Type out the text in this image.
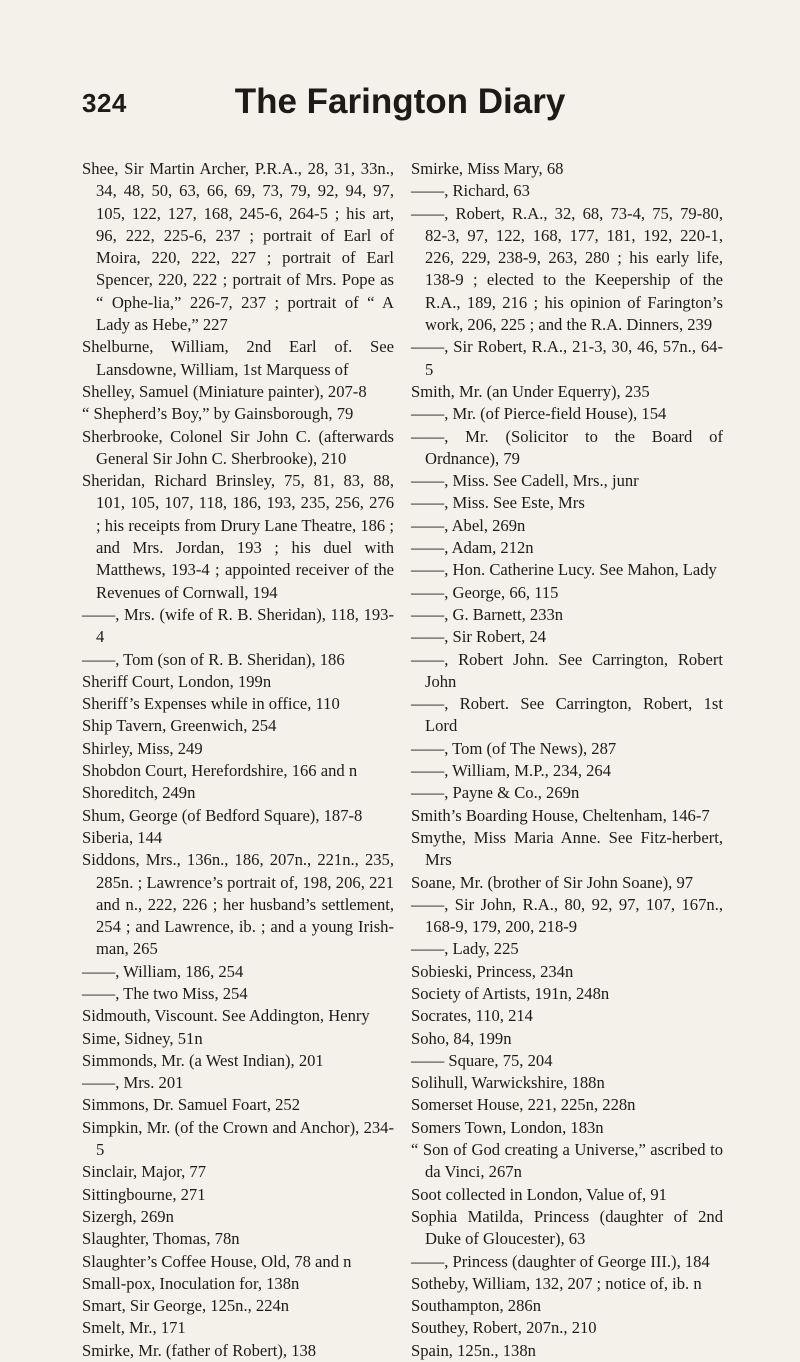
324	The Farington Diary
Shee, Sir Martin Archer, P.R.A., 28, 31, 33n., 34, 48, 50, 63, 66, 69, 73, 79, 92, 94, 97, 105, 122, 127, 168, 245-6, 264-5 ; his art, 96, 222, 225-6, 237 ; portrait of Earl of Moira, 220, 222, 227 ; portrait of Earl Spencer, 220, 222 ; portrait of Mrs. Pope as “ Ophe-lia,” 226-7, 237 ; portrait of “ A Lady as Hebe,” 227
Shelburne, William, 2nd Earl of. See Lansdowne, William, 1st Marquess of
Shelley, Samuel (Miniature painter), 207-8
“ Shepherd’s Boy,” by Gainsborough, 79
Sherbrooke, Colonel Sir John C. (afterwards General Sir John C. Sherbrooke), 210
Sheridan, Richard Brinsley, 75, 81, 83, 88, 101, 105, 107, 118, 186, 193, 235, 256, 276 ; his receipts from Drury Lane Theatre, 186 ; and Mrs. Jordan, 193 ; his duel with Matthews, 193-4 ; appointed receiver of the Revenues of Cornwall, 194
——, Mrs. (wife of R. B. Sheridan), 118, 193-4
——, Tom (son of R. B. Sheridan), 186
Sheriff Court, London, 199n
Sheriff’s Expenses while in office, 110
Ship Tavern, Greenwich, 254
Shirley, Miss, 249
Shobdon Court, Herefordshire, 166 and n
Shoreditch, 249n
Shum, George (of Bedford Square), 187-8
Siberia, 144
Siddons, Mrs., 136n., 186, 207n., 221n., 235, 285n. ; Lawrence’s portrait of, 198, 206, 221 and n., 222, 226 ; her husband’s settlement, 254 ; and Lawrence, ib. ; and a young Irish-man, 265
——, William, 186, 254
——, The two Miss, 254
Sidmouth, Viscount. See Addington, Henry
Sime, Sidney, 51n
Simmonds, Mr. (a West Indian), 201
——, Mrs. 201
Simmons, Dr. Samuel Foart, 252
Simpkin, Mr. (of the Crown and Anchor), 234-5
Sinclair, Major, 77
Sittingbourne, 271
Sizergh, 269n
Slaughter, Thomas, 78n
Slaughter’s Coffee House, Old, 78 and n
Small-pox, Inoculation for, 138n
Smart, Sir George, 125n., 224n
Smelt, Mr., 171
Smirke, Mr. (father of Robert), 138
Smirke, Miss Mary, 68
——, Richard, 63
——, Robert, R.A., 32, 68, 73-4, 75, 79-80, 82-3, 97, 122, 168, 177, 181, 192, 220-1, 226, 229, 238-9, 263, 280 ; his early life, 138-9 ; elected to the Keepership of the R.A., 189, 216 ; his opinion of Farington’s work, 206, 225 ; and the R.A. Dinners, 239
——, Sir Robert, R.A., 21-3, 30, 46, 57n., 64-5
Smith, Mr. (an Under Equerry), 235
——, Mr. (of Pierce-field House), 154
——, Mr. (Solicitor to the Board of Ordnance), 79
——, Miss. See Cadell, Mrs., junr
——, Miss. See Este, Mrs
——, Abel, 269n
——, Adam, 212n
——, Hon. Catherine Lucy. See Mahon, Lady
——, George, 66, 115
——, G. Barnett, 233n
——, Sir Robert, 24
——, Robert John. See Carrington, Robert John
——, Robert. See Carrington, Robert, 1st Lord
——, Tom (of The News), 287
——, William, M.P., 234, 264
——, Payne & Co., 269n
Smith’s Boarding House, Cheltenham, 146-7
Smythe, Miss Maria Anne. See Fitz-herbert, Mrs
Soane, Mr. (brother of Sir John Soane), 97
——, Sir John, R.A., 80, 92, 97, 107, 167n., 168-9, 179, 200, 218-9
——, Lady, 225
Sobieski, Princess, 234n
Society of Artists, 191n, 248n
Socrates, 110, 214
Soho, 84, 199n
—— Square, 75, 204
Solihull, Warwickshire, 188n
Somerset House, 221, 225n, 228n
Somers Town, London, 183n
“ Son of God creating a Universe,” ascribed to da Vinci, 267n
Soot collected in London, Value of, 91
Sophia Matilda, Princess (daughter of 2nd Duke of Gloucester), 63
——, Princess (daughter of George III.), 184
Sotheby, William, 132, 207 ; notice of, ib. n
Southampton, 286n
Southey, Robert, 207n., 210
Spain, 125n., 138n
